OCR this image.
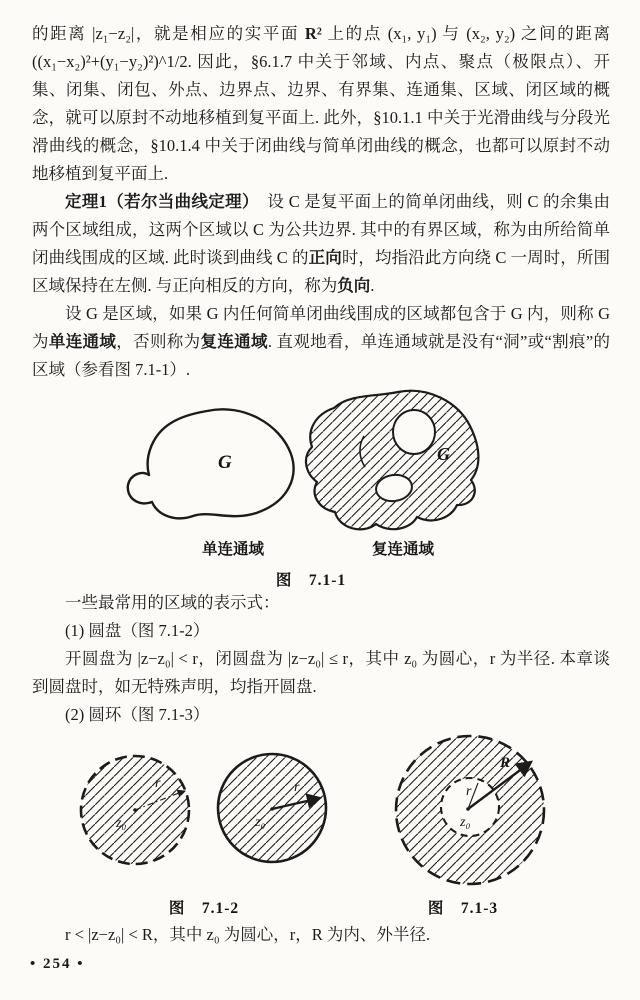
的距离 |z₁−z₂|，就是相应的实平面 R² 上的点 (x₁, y₁) 与 (x₂, y₂) 之间的距离 ((x₁−x₂)²+(y₁−y₂)²)^1/2. 因此，§6.1.7 中关于邻域、内点、聚点（极限点）、开集、闭集、闭包、外点、边界点、边界、有界集、连通集、区域、闭区域的概念，就可以原封不动地移植到复平面上. 此外，§10.1.1 中关于光滑曲线与分段光滑曲线的概念，§10.1.4 中关于闭曲线与简单闭曲线的概念，也都可以原封不动地移植到复平面上.

定理1（若尔当曲线定理）　设 C 是复平面上的简单闭曲线，则 C 的余集由两个区域组成，这两个区域以 C 为公共边界. 其中的有界区域，称为由所给简单闭曲线围成的区域. 此时谈到曲线 C 的正向时，均指沿此方向绕 C 一周时，所围区域保持在左侧. 与正向相反的方向，称为负向.

设 G 是区域，如果 G 内任何简单闭曲线围成的区域都包含于 G 内，则称 G 为单连通域，否则称为复连通域. 直观地看，单连通域就是没有“洞”或“割痕”的区域（参看图 7.1-1）.

G	G
单连通域	复连通域
图　7.1-1

一些最常用的区域的表示式：

(1) 圆盘（图 7.1-2）

开圆盘为 |z−z₀| < r，闭圆盘为 |z−z₀| ≤ r，其中 z₀ 为圆心，r 为半径. 本章谈到圆盘时，如无特殊声明，均指开圆盘.

(2) 圆环（图 7.1-3）

r
z₀
r
z₀
r
R
z₀
图　7.1-2	图　7.1-3

r < |z−z₀| < R，其中 z₀ 为圆心，r，R 为内、外半径.

• 254 •
